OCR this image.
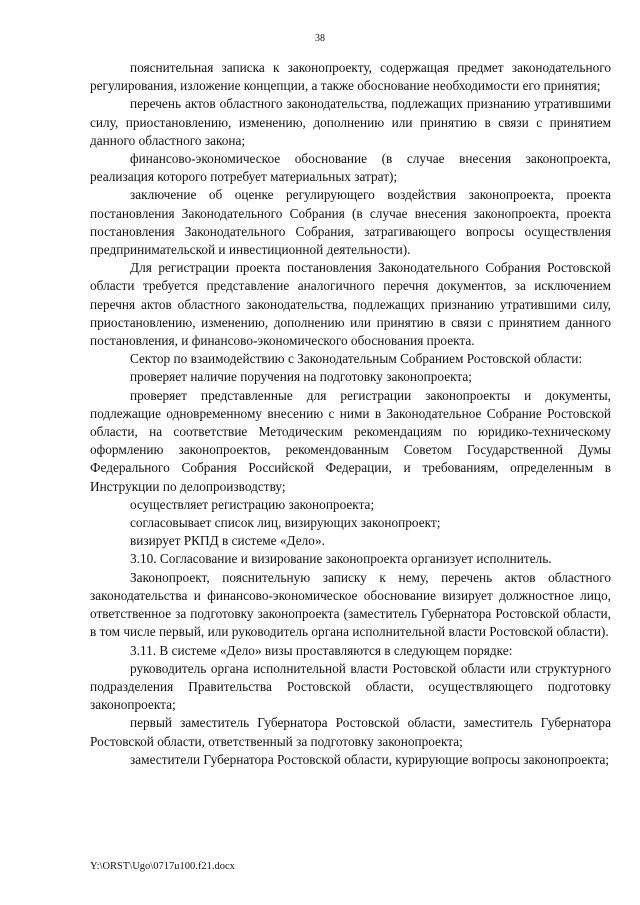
38

пояснительная записка к законопроекту, содержащая предмет законодательного регулирования, изложение концепции, а также обоснование необходимости его принятия;

перечень актов областного законодательства, подлежащих признанию утратившими силу, приостановлению, изменению, дополнению или принятию в связи с принятием данного областного закона;

финансово-экономическое обоснование (в случае внесения законопроекта, реализация которого потребует материальных затрат);

заключение об оценке регулирующего воздействия законопроекта, проекта постановления Законодательного Собрания (в случае внесения законопроекта, проекта постановления Законодательного Собрания, затрагивающего вопросы осуществления предпринимательской и инвестиционной деятельности).

Для регистрации проекта постановления Законодательного Собрания Ростовской области требуется представление аналогичного перечня документов, за исключением перечня актов областного законодательства, подлежащих признанию утратившими силу, приостановлению, изменению, дополнению или принятию в связи с принятием данного постановления, и финансово-экономического обоснования проекта.

Сектор по взаимодействию с Законодательным Собранием Ростовской области:

проверяет наличие поручения на подготовку законопроекта;

проверяет представленные для регистрации законопроекты и документы, подлежащие одновременному внесению с ними в Законодательное Собрание Ростовской области, на соответствие Методическим рекомендациям по юридико-техническому оформлению законопроектов, рекомендованным Советом Государственной Думы Федерального Собрания Российской Федерации, и требованиям, определенным в Инструкции по делопроизводству;

осуществляет регистрацию законопроекта;

согласовывает список лиц, визирующих законопроект;

визирует РКПД в системе «Дело».

3.10. Согласование и визирование законопроекта организует исполнитель.

Законопроект, пояснительную записку к нему, перечень актов областного законодательства и финансово-экономическое обоснование визирует должностное лицо, ответственное за подготовку законопроекта (заместитель Губернатора Ростовской области, в том числе первый, или руководитель органа исполнительной власти Ростовской области).

3.11. В системе «Дело» визы проставляются в следующем порядке:

руководитель органа исполнительной власти Ростовской области или структурного подразделения Правительства Ростовской области, осуществляющего подготовку законопроекта;

первый заместитель Губернатора Ростовской области, заместитель Губернатора Ростовской области, ответственный за подготовку законопроекта;

заместители Губернатора Ростовской области, курирующие вопросы законопроекта;

Y:\ORST\Ugo\0717u100.f21.docx
